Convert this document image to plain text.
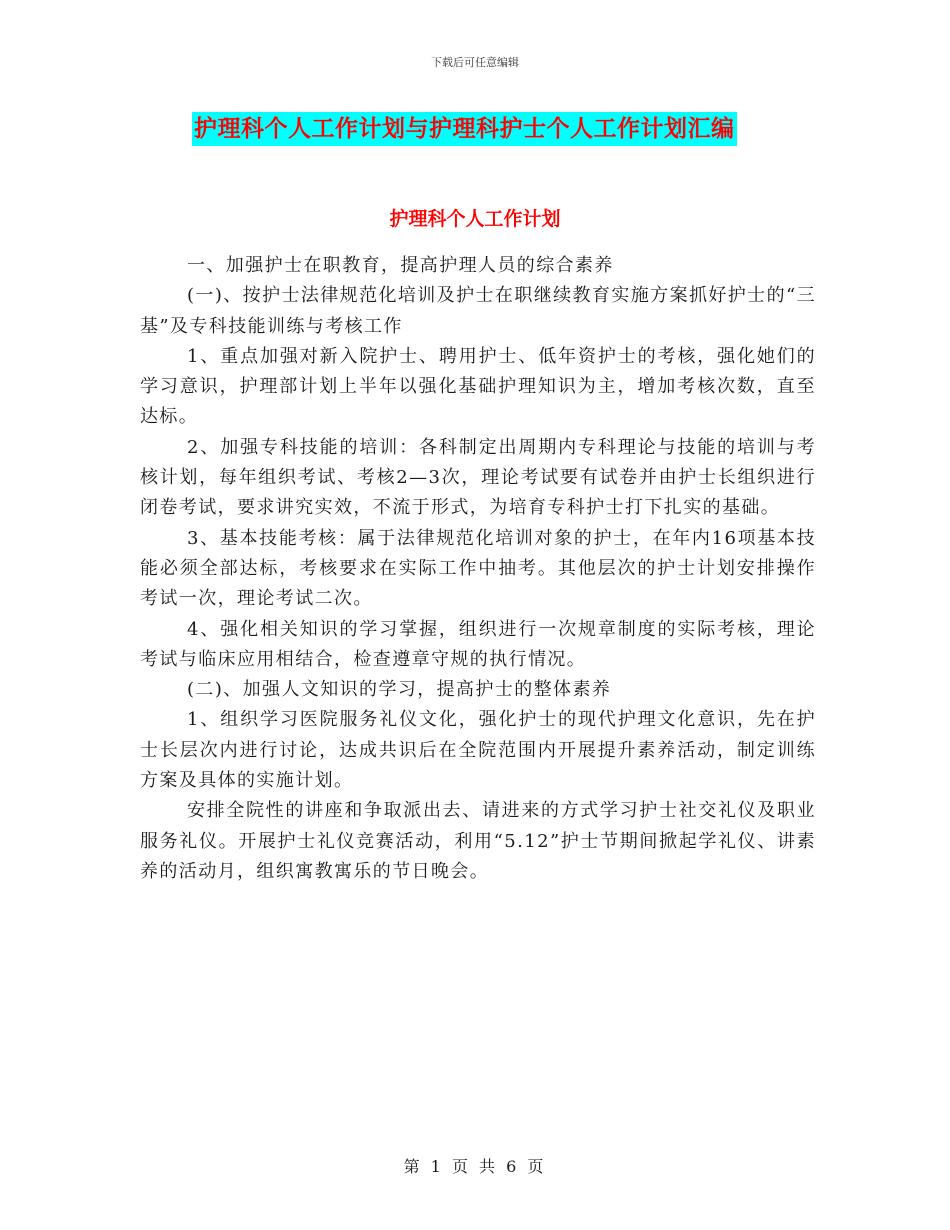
下载后可任意编辑
护理科个人工作计划与护理科护士个人工作计划汇编
护理科个人工作计划

一、加强护士在职教育，提高护理人员的综合素养

(一)、按护士法律规范化培训及护士在职继续教育实施方案抓好护士的“三基”及专科技能训练与考核工作

1、重点加强对新入院护士、聘用护士、低年资护士的考核，强化她们的学习意识，护理部计划上半年以强化基础护理知识为主，增加考核次数，直至达标。

2、加强专科技能的培训：各科制定出周期内专科理论与技能的培训与考核计划，每年组织考试、考核2—3次，理论考试要有试卷并由护士长组织进行闭卷考试，要求讲究实效，不流于形式，为培育专科护士打下扎实的基础。

3、基本技能考核：属于法律规范化培训对象的护士，在年内16项基本技能必须全部达标，考核要求在实际工作中抽考。其他层次的护士计划安排操作考试一次，理论考试二次。

4、强化相关知识的学习掌握，组织进行一次规章制度的实际考核，理论考试与临床应用相结合，检查遵章守规的执行情况。

(二)、加强人文知识的学习，提高护士的整体素养

1、组织学习医院服务礼仪文化，强化护士的现代护理文化意识，先在护士长层次内进行讨论，达成共识后在全院范围内开展提升素养活动，制定训练方案及具体的实施计划。

安排全院性的讲座和争取派出去、请进来的方式学习护士社交礼仪及职业服务礼仪。开展护士礼仪竞赛活动，利用“5.12”护士节期间掀起学礼仪、讲素养的活动月，组织寓教寓乐的节日晚会。

第 1 页 共 6 页
